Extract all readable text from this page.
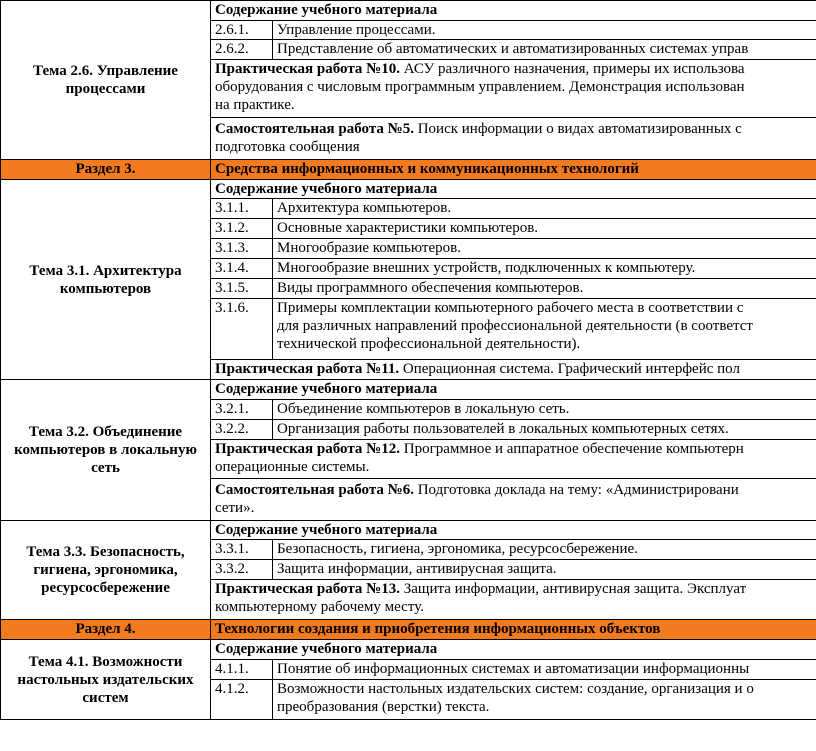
Тема 2.6. Управление процессами	Содержание учебного материала	
	2.6.1.	Управление процессами.
	2.6.2.	Представление об автоматических и автоматизированных системах управ

	Практическая работа №10. АСУ различного назначения, примеры их использова
оборудования с числовым программным управлением. Демонстрация использован
на практике.	

	Самостоятельная работа №5. Поиск информации о видах автоматизированных с
подготовка сообщения	

Раздел 3.	Средства информационных и коммуникационных технологий	
Тема 3.1. Архитектура компьютеров	Содержание учебного материала	
	3.1.1.	Архитектура компьютеров.
	3.1.2.	Основные характеристики компьютеров.
	3.1.3.	Многообразие компьютеров.
	3.1.4.	Многообразие внешних устройств, подключенных к компьютеру.
	3.1.5.	Виды программного обеспечения компьютеров.
	3.1.6.	Примеры комплектации компьютерного рабочего места в соответствии с
для различных направлений профессиональной деятельности (в соответст
технической профессиональной деятельности).

	Практическая работа №11. Операционная система. Графический интерфейс пол	

Тема 3.2. Объединение компьютеров в локальную сеть	Содержание учебного материала	
	3.2.1.	Объединение компьютеров в локальную сеть.
	3.2.2.	Организация работы пользователей в локальных компьютерных сетях.

	Практическая работа №12. Программное и аппаратное обеспечение компьютерн
операционные системы.	

	Самостоятельная работа №6. Подготовка доклада на тему: «Администрировани
сети».	

Тема 3.3. Безопасность, гигиена, эргономика, ресурсосбережение	Содержание учебного материала	
	3.3.1.	Безопасность, гигиена, эргономика, ресурсосбережение.
	3.3.2.	Защита информации, антивирусная защита.

	Практическая работа №13. Защита информации, антивирусная защита. Эксплуат
компьютерному рабочему месту.	

Раздел 4.	Технологии создания и приобретения информационных объектов	
Тема 4.1. Возможности настольных издательских систем	Содержание учебного материала	
	4.1.1.	Понятие об информационных системах и автоматизации информационны
	4.1.2.	Возможности настольных издательских систем: создание, организация и о
преобразования (верстки) текста.
